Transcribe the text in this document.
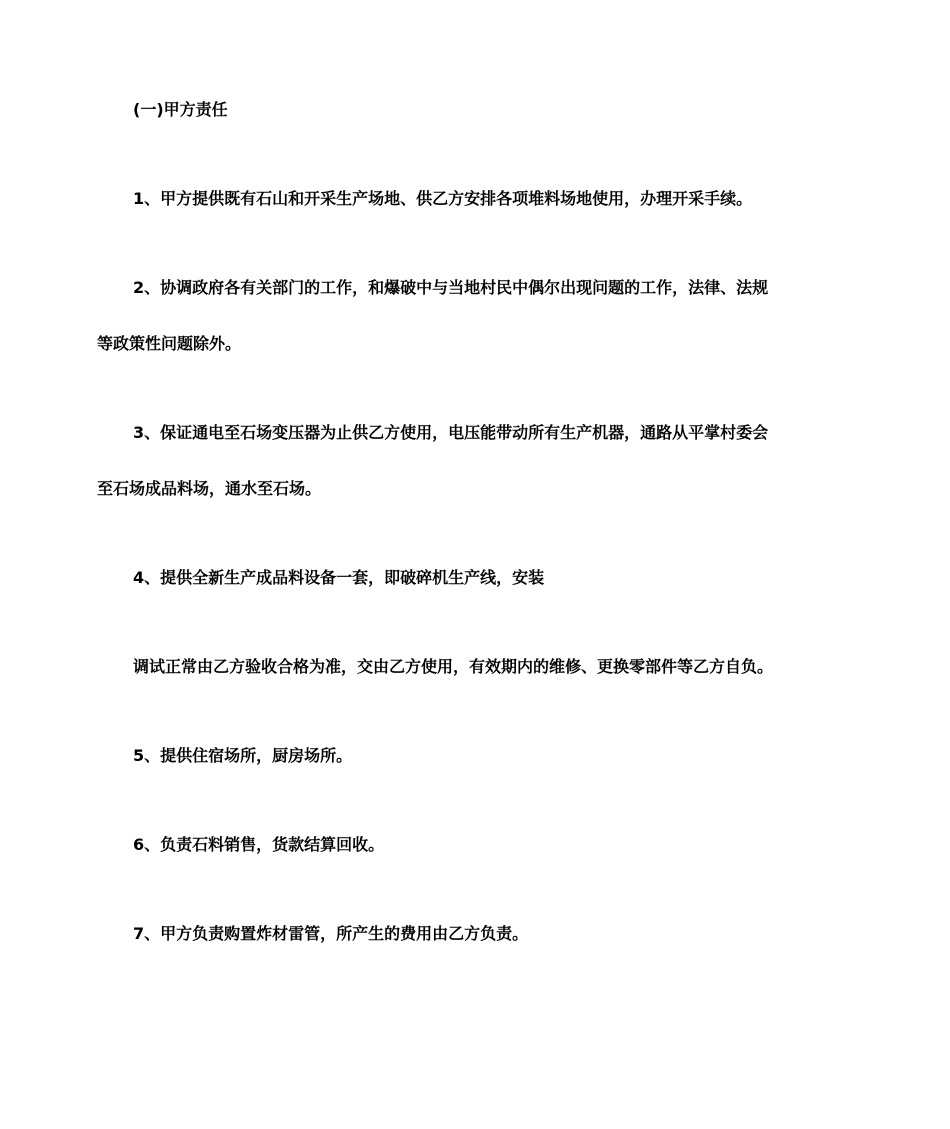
(一)甲方责任
1、甲方提供既有石山和开采生产场地、供乙方安排各项堆料场地使用，办理开采手续。
2、协调政府各有关部门的工作，和爆破中与当地村民中偶尔出现问题的工作，法律、法规
等政策性问题除外。
3、保证通电至石场变压器为止供乙方使用，电压能带动所有生产机器，通路从平掌村委会
至石场成品料场，通水至石场。
4、提供全新生产成品料设备一套，即破碎机生产线，安装
调试正常由乙方验收合格为准，交由乙方使用，有效期内的维修、更换零部件等乙方自负。
5、提供住宿场所，厨房场所。
6、负责石料销售，货款结算回收。
7、甲方负责购置炸材雷管，所产生的费用由乙方负责。
